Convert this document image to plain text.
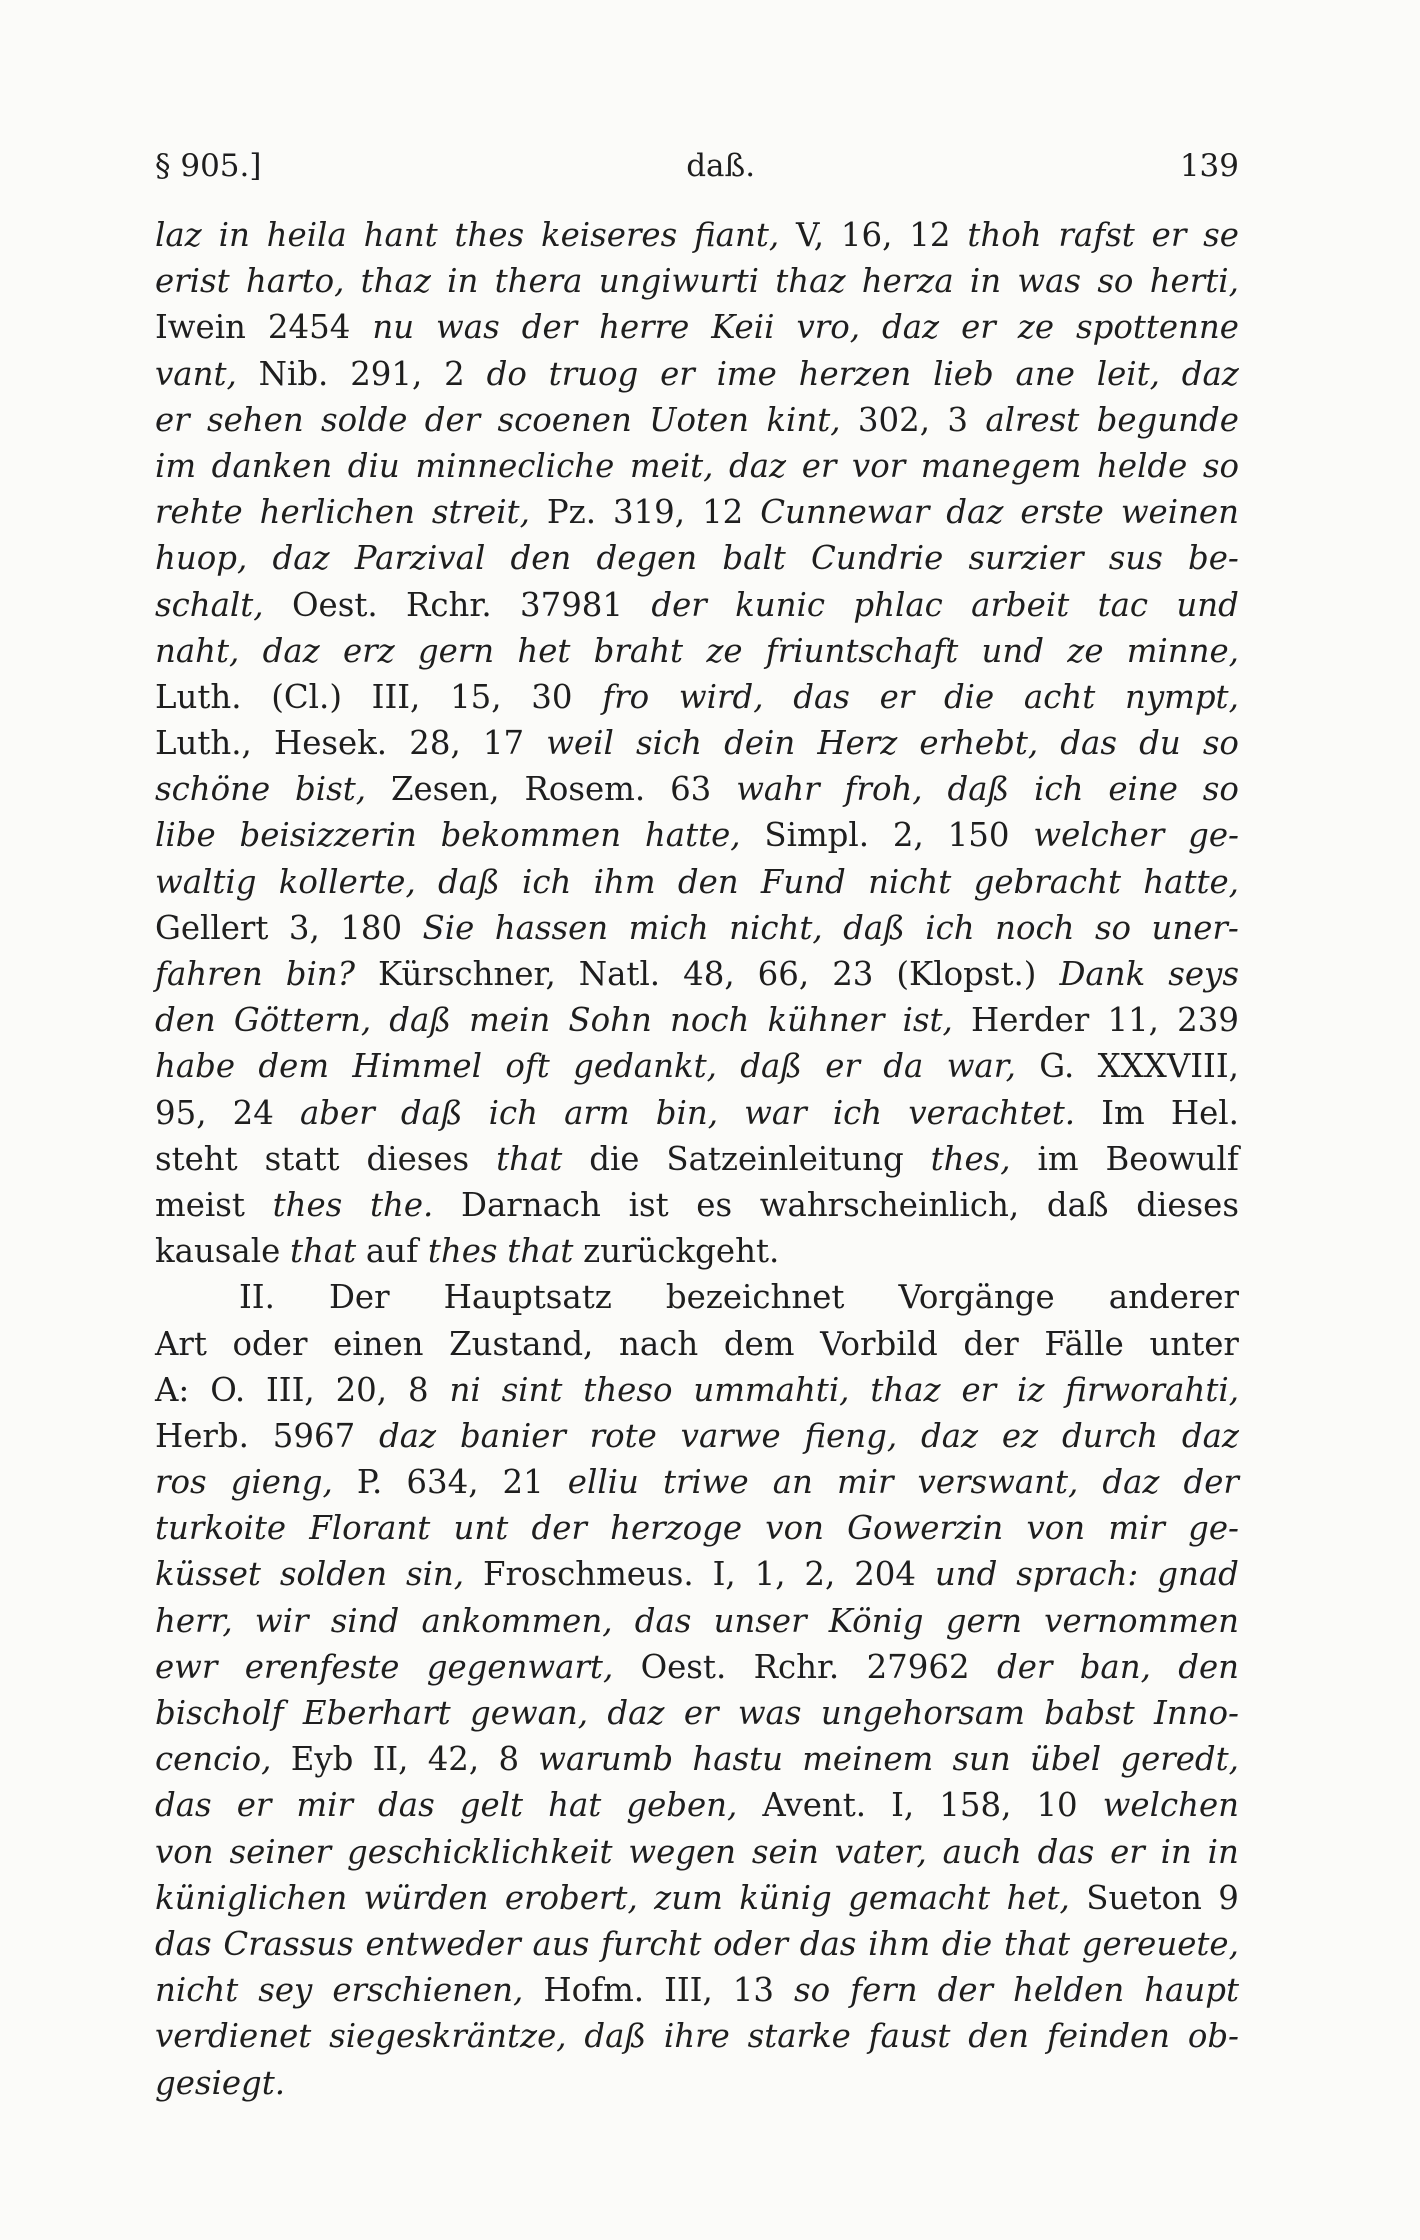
§ 905.]	daß.	139
laz in heila hant thes keiseres fiant, V, 16, 12 thoh rafst er se
erist harto, thaz in thera ungiwurti thaz herza in was so herti,
Iwein 2454 nu was der herre Keii vro, daz er ze spottenne
vant, Nib. 291, 2 do truog er ime herzen lieb ane leit, daz
er sehen solde der scoenen Uoten kint, 302, 3 alrest begunde
im danken diu minnecliche meit, daz er vor manegem helde so
rehte herlichen streit, Pz. 319, 12 Cunnewar daz erste weinen
huop, daz Parzival den degen balt Cundrie surzier sus be-
schalt, Oest. Rchr. 37981 der kunic phlac arbeit tac und
naht, daz erz gern het braht ze friuntschaft und ze minne,
Luth. (Cl.) III, 15, 30 fro wird, das er die acht nympt,
Luth., Hesek. 28, 17 weil sich dein Herz erhebt, das du so
schöne bist, Zesen, Rosem. 63 wahr froh, daß ich eine so
libe beisizzerin bekommen hatte, Simpl. 2, 150 welcher ge-
waltig kollerte, daß ich ihm den Fund nicht gebracht hatte,
Gellert 3, 180 Sie hassen mich nicht, daß ich noch so uner-
fahren bin? Kürschner, Natl. 48, 66, 23 (Klopst.) Dank seys
den Göttern, daß mein Sohn noch kühner ist, Herder 11, 239
habe dem Himmel oft gedankt, daß er da war, G. XXXVIII,
95, 24 aber daß ich arm bin, war ich verachtet. Im Hel.
steht statt dieses that die Satzeinleitung thes, im Beowulf
meist thes the. Darnach ist es wahrscheinlich, daß dieses
kausale that auf thes that zurückgeht.
II. Der Hauptsatz bezeichnet Vorgänge anderer
Art oder einen Zustand, nach dem Vorbild der Fälle unter
A: O. III, 20, 8 ni sint theso ummahti, thaz er iz firworahti,
Herb. 5967 daz banier rote varwe fieng, daz ez durch daz
ros gieng, P. 634, 21 elliu triwe an mir verswant, daz der
turkoite Florant unt der herzoge von Gowerzin von mir ge-
küsset solden sin, Froschmeus. I, 1, 2, 204 und sprach: gnad
herr, wir sind ankommen, das unser König gern vernommen
ewr erenfeste gegenwart, Oest. Rchr. 27962 der ban, den
bischolf Eberhart gewan, daz er was ungehorsam babst Inno-
cencio, Eyb II, 42, 8 warumb hastu meinem sun übel geredt,
das er mir das gelt hat geben, Avent. I, 158, 10 welchen
von seiner geschicklichkeit wegen sein vater, auch das er in in
küniglichen würden erobert, zum künig gemacht het, Sueton 9
das Crassus entweder aus furcht oder das ihm die that gereuete,
nicht sey erschienen, Hofm. III, 13 so fern der helden haupt
verdienet siegeskräntze, daß ihre starke faust den feinden ob-
gesiegt.
